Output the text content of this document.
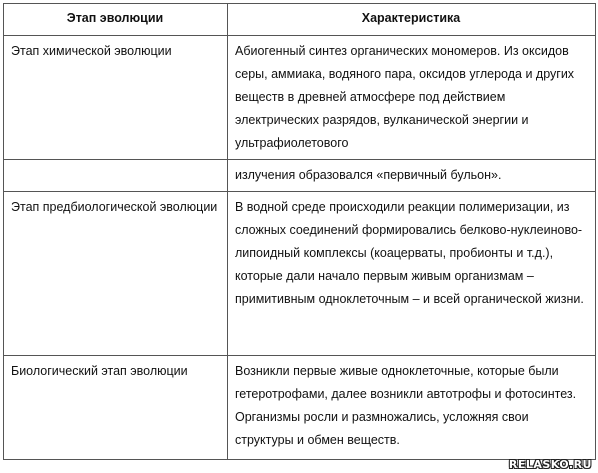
Этап эволюции	Характеристика
Этап химической эволюции	Абиогенный синтез органических мономеров. Из оксидов серы, аммиака, водяного пара, оксидов углерода и других веществ в древней атмосфере под действием электрических разрядов, вулканической энергии и ультрафиолетового
	излучения образовался «первичный бульон».
Этап предбиологической эволюции	В водной среде происходили реакции полимеризации, из сложных соединений формировались белково-нуклеиново-липоидный комплексы (коацерваты, пробионты и т.д.), которые дали начало первым живым организмам – примитивным одноклеточным – и всей органической жизни.
Биологический этап эволюции	Возникли первые живые одноклеточные, которые были гетеротрофами, далее возникли автотрофы и фотосинтез. Организмы росли и размножались, усложняя свои структуры и обмен веществ.
RELASKO.RU
